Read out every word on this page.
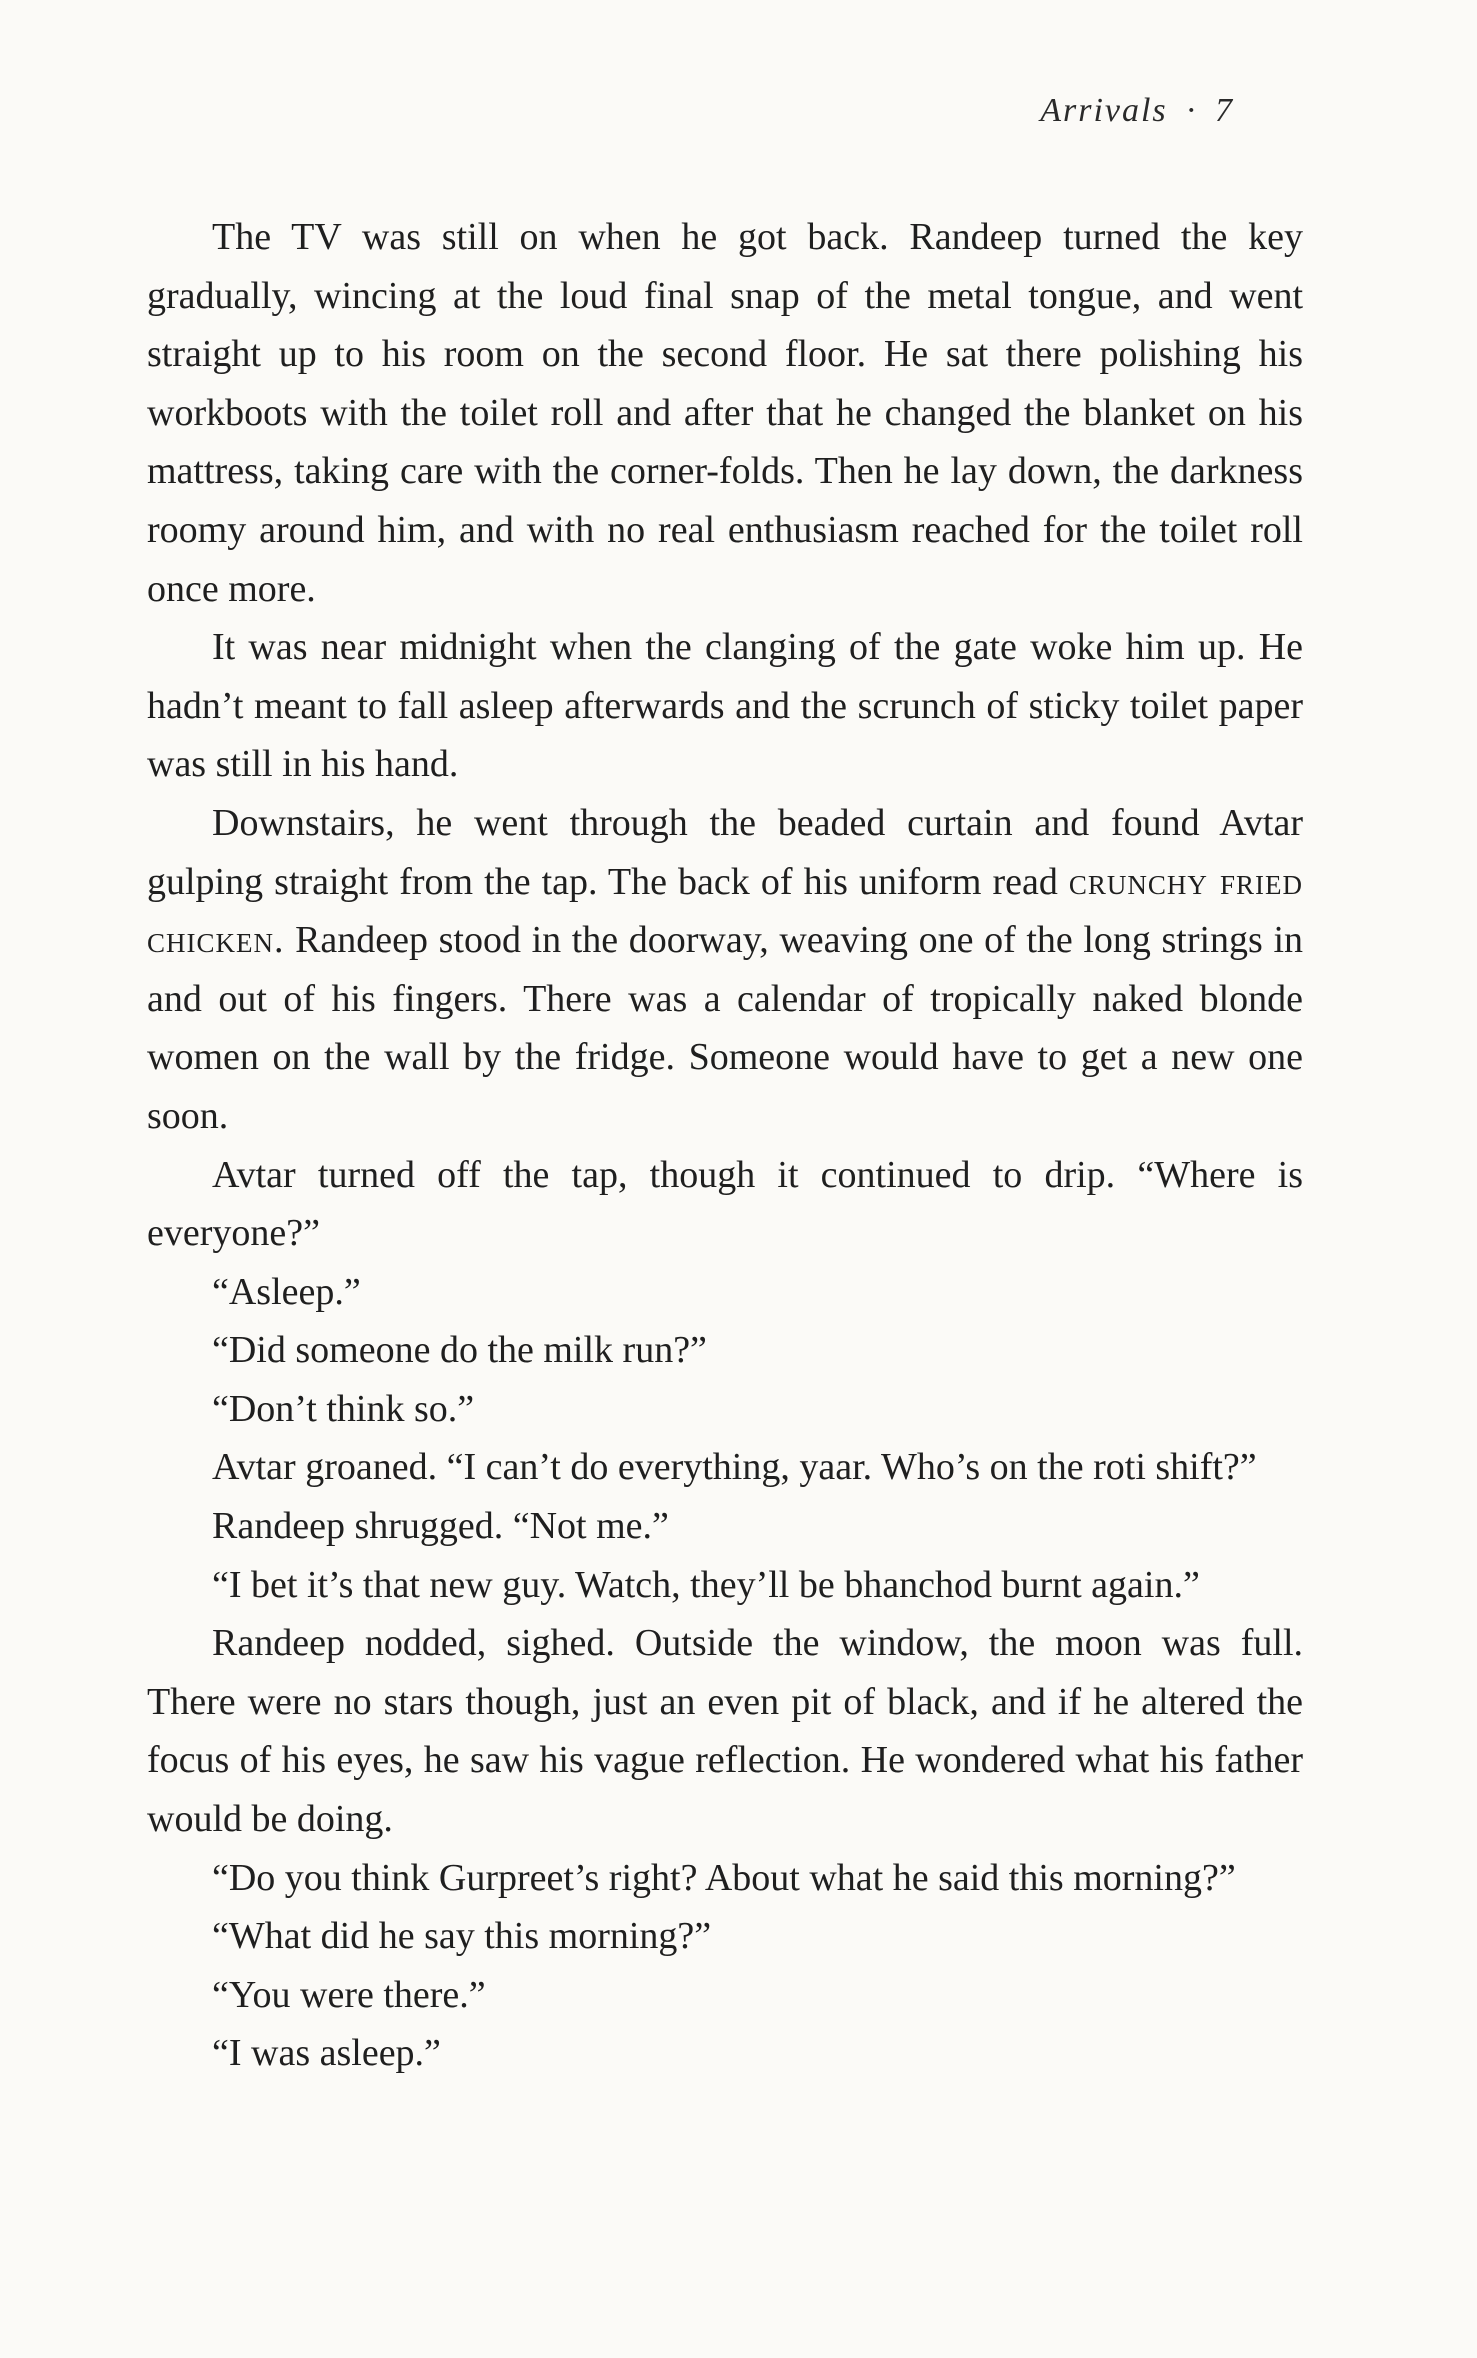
Arrivals · 7

The TV was still on when he got back. Randeep turned the key gradually, wincing at the loud final snap of the metal tongue, and went straight up to his room on the second floor. He sat there polishing his workboots with the toilet roll and after that he changed the blanket on his mattress, taking care with the corner-folds. Then he lay down, the darkness roomy around him, and with no real enthusiasm reached for the toilet roll once more.

It was near midnight when the clanging of the gate woke him up. He hadn’t meant to fall asleep afterwards and the scrunch of sticky toilet paper was still in his hand.

Downstairs, he went through the beaded curtain and found Avtar gulping straight from the tap. The back of his uniform read crunchy fried chicken. Randeep stood in the doorway, weaving one of the long strings in and out of his fingers. There was a calendar of tropically naked blonde women on the wall by the fridge. Someone would have to get a new one soon.

Avtar turned off the tap, though it continued to drip. “Where is everyone?”

“Asleep.”

“Did someone do the milk run?”

“Don’t think so.”

Avtar groaned. “I can’t do everything, yaar. Who’s on the roti shift?”

Randeep shrugged. “Not me.”

“I bet it’s that new guy. Watch, they’ll be bhanchod burnt again.”

Randeep nodded, sighed. Outside the window, the moon was full. There were no stars though, just an even pit of black, and if he altered the focus of his eyes, he saw his vague reflection. He wondered what his father would be doing.

“Do you think Gurpreet’s right? About what he said this morning?”

“What did he say this morning?”

“You were there.”

“I was asleep.”
